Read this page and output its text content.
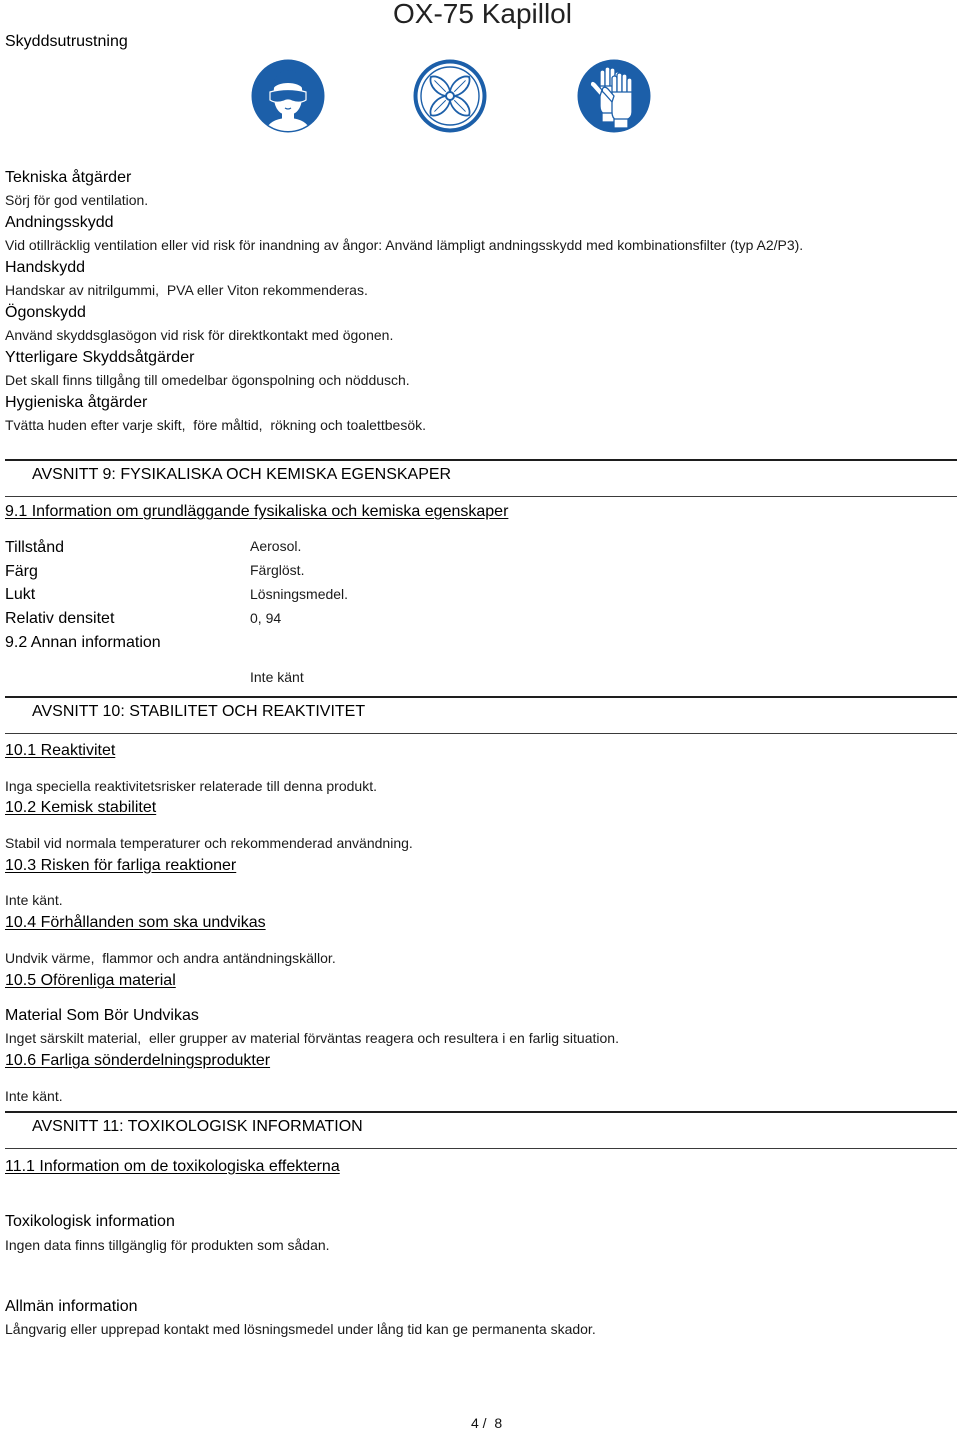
Skyddsutrustning
OX-75 Kapillol
Tekniska åtgärder
Sörj för god ventilation.
Andningsskydd
Vid otillräcklig ventilation eller vid risk för inandning av ångor: Använd lämpligt andningsskydd med kombinationsfilter (typ A2/P3).
Handskydd
Handskar av nitrilgummi,  PVA eller Viton rekommenderas.
Ögonskydd
Använd skyddsglasögon vid risk för direktkontakt med ögonen.
Ytterligare Skyddsåtgärder
Det skall finns tillgång till omedelbar ögonspolning och nöddusch.
Hygieniska åtgärder
Tvätta huden efter varje skift,  före måltid,  rökning och toalettbesök.
AVSNITT 9: FYSIKALISKA OCH KEMISKA EGENSKAPER
9.1 Information om grundläggande fysikaliska och kemiska egenskaper
Tillstånd	Aerosol.
Färg	Färglöst.
Lukt	Lösningsmedel.
Relativ densitet	0, 94
9.2 Annan information
Inte känt
AVSNITT 10: STABILITET OCH REAKTIVITET
10.1 Reaktivitet
Inga speciella reaktivitetsrisker relaterade till denna produkt.
10.2 Kemisk stabilitet
Stabil vid normala temperaturer och rekommenderad användning.
10.3 Risken för farliga reaktioner
Inte känt.
10.4 Förhållanden som ska undvikas
Undvik värme,  flammor och andra antändningskällor.
10.5 Oförenliga material
Material Som Bör Undvikas
Inget särskilt material,  eller grupper av material förväntas reagera och resultera i en farlig situation.
10.6 Farliga sönderdelningsprodukter
Inte känt.
AVSNITT 11: TOXIKOLOGISK INFORMATION
11.1 Information om de toxikologiska effekterna
Toxikologisk information
Ingen data finns tillgänglig för produkten som sådan.
Allmän information
Långvarig eller upprepad kontakt med lösningsmedel under lång tid kan ge permanenta skador.
4 /  8
